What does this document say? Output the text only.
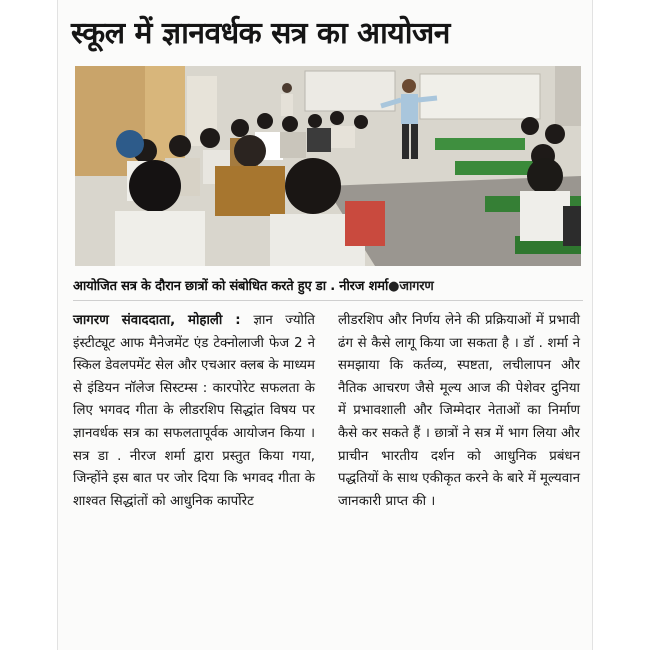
स्कूल में ज्ञानवर्धक सत्र का आयोजन
आयोजित सत्र के दौरान छात्रों को संबोधित करते हुए डा . नीरज शर्मा●जागरण
जागरण संवाददाता, मोहाली : ज्ञान ज्योति इंस्टीट्यूट आफ मैनेजमेंट एंड टेक्नोलाजी फेज 2 ने स्किल डेवलपमेंट सेल और एचआर क्लब के माध्यम से इंडियन नॉलेज सिस्टम्स : कारपोरेट सफलता के लिए भगवद गीता के लीडरशिप सिद्धांत विषय पर ज्ञानवर्धक सत्र का सफलतापूर्वक आयोजन किया । सत्र डा . नीरज शर्मा द्वारा प्रस्तुत किया गया, जिन्होंने इस बात पर जोर दिया कि भगवद गीता के शाश्वत सिद्धांतों को आधुनिक कार्पोरेट
लीडरशिप और निर्णय लेने की प्रक्रियाओं में प्रभावी ढंग से कैसे लागू किया जा सकता है । डॉ . शर्मा ने समझाया कि कर्तव्य, स्पष्टता, लचीलापन और नैतिक आचरण जैसे मूल्य आज की पेशेवर दुनिया में प्रभावशाली और जिम्मेदार नेताओं का निर्माण कैसे कर सकते हैं । छात्रों ने सत्र में भाग लिया और प्राचीन भारतीय दर्शन को आधुनिक प्रबंधन पद्धतियों के साथ एकीकृत करने के बारे में मूल्यवान जानकारी प्राप्त की ।
